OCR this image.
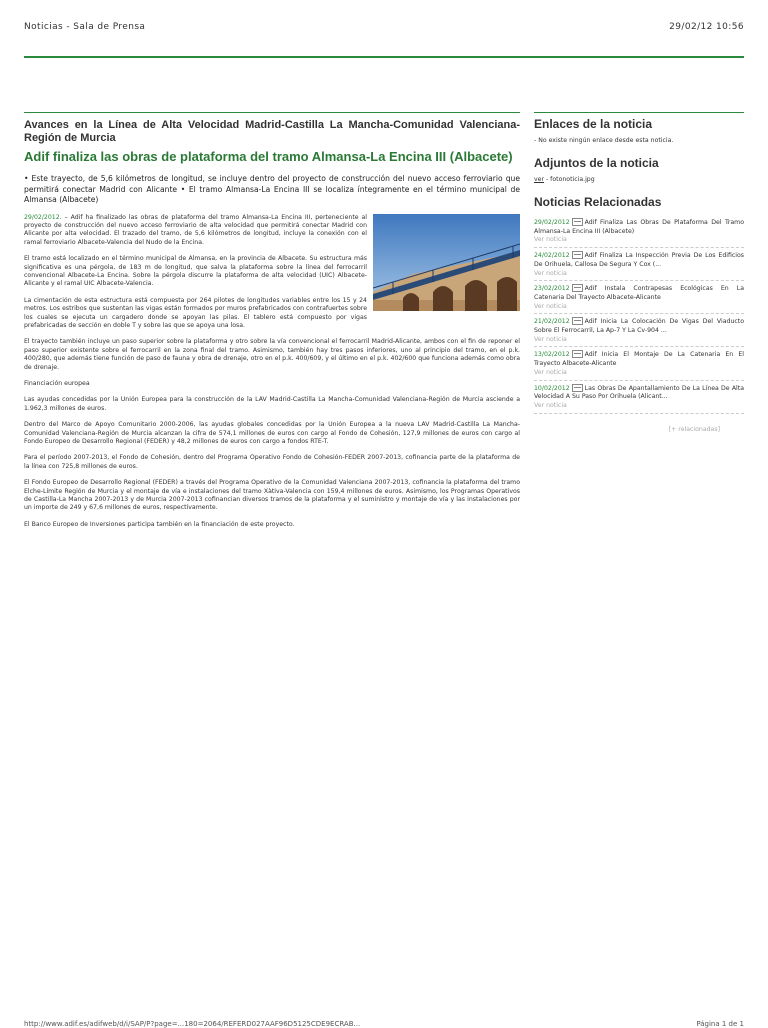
Noticias - Sala de Prensa	29/02/12 10:56
Avances en la Línea de Alta Velocidad Madrid-Castilla La Mancha-Comunidad Valenciana-Región de Murcia
Adif finaliza las obras de plataforma del tramo Almansa-La Encina III (Albacete)
• Este trayecto, de 5,6 kilómetros de longitud, se incluye dentro del proyecto de construcción del nuevo acceso ferroviario que permitirá conectar Madrid con Alicante • El tramo Almansa-La Encina III se localiza íntegramente en el término municipal de Almansa (Albacete)

29/02/2012. – Adif ha finalizado las obras de plataforma del tramo Almansa-La Encina III, perteneciente al proyecto de construcción del nuevo acceso ferroviario de alta velocidad que permitirá conectar Madrid con Alicante por alta velocidad. El trazado del tramo, de 5,6 kilómetros de longitud, incluye la conexión con el ramal ferroviario Albacete-Valencia del Nudo de la Encina.

El tramo está localizado en el término municipal de Almansa, en la provincia de Albacete. Su estructura más significativa es una pérgola, de 183 m de longitud, que salva la plataforma sobre la línea del ferrocarril convencional Albacete-La Encina. Sobre la pérgola discurre la plataforma de alta velocidad (UIC) Albacete-Alicante y el ramal UIC Albacete-Valencia.

La cimentación de esta estructura está compuesta por 264 pilotes de longitudes variables entre los 15 y 24 metros. Los estribos que sustentan las vigas están formados por muros prefabricados con contrafuertes sobre los cuales se ejecuta un cargadero donde se apoyan las pilas. El tablero está compuesto por vigas prefabricadas de sección en doble T y sobre las que se apoya una losa.

El trayecto también incluye un paso superior sobre la plataforma y otro sobre la vía convencional el ferrocarril Madrid-Alicante, ambos con el fin de reponer el paso superior existente sobre el ferrocarril en la zona final del tramo. Asimismo, también hay tres pasos inferiores, uno al principio del tramo, en el p.k. 400/280, que además tiene función de paso de fauna y obra de drenaje, otro en el p.k. 400/609, y el último en el p.k. 402/600 que funciona además como obra de drenaje.

Financiación europea

Las ayudas concedidas por la Unión Europea para la construcción de la LAV Madrid-Castilla La Mancha-Comunidad Valenciana-Región de Murcia asciende a 1.962,3 millones de euros.

Dentro del Marco de Apoyo Comunitario 2000-2006, las ayudas globales concedidas por la Unión Europea a la nueva LAV Madrid-Castilla La Mancha-Comunidad Valenciana-Región de Murcia alcanzan la cifra de 574,1 millones de euros con cargo al Fondo de Cohesión, 127,9 millones de euros con cargo al Fondo Europeo de Desarrollo Regional (FEDER) y 48,2 millones de euros con cargo a fondos RTE-T.

Para el período 2007-2013, el Fondo de Cohesión, dentro del Programa Operativo Fondo de Cohesión-FEDER 2007-2013, cofinancia parte de la plataforma de la línea con 725,8 millones de euros.

El Fondo Europeo de Desarrollo Regional (FEDER) a través del Programa Operativo de la Comunidad Valenciana 2007-2013, cofinancia la plataforma del tramo Elche-Límite Región de Murcia y el montaje de vía e instalaciones del tramo Xàtiva-Valencia con 159,4 millones de euros. Asimismo, los Programas Operativos de Castilla-La Mancha 2007-2013 y de Murcia 2007-2013 cofinancian diversos tramos de la plataforma y el suministro y montaje de vía y las instalaciones por un importe de 249 y 67,6 millones de euros, respectivamente.

El Banco Europeo de Inversiones participa también en la financiación de este proyecto.

Enlaces de la noticia
- No existe ningún enlace desde esta noticia.
Adjuntos de la noticia
ver - fotonoticia.jpg
Noticias Relacionadas
29/02/2012 Adif Finaliza Las Obras De Plataforma Del Tramo Almansa-La Encina III (Albacete)
Ver noticia
24/02/2012 Adif Finaliza La Inspección Previa De Los Edificios De Orihuela, Callosa De Segura Y Cox (...
Ver noticia
23/02/2012 Adif Instala Contrapesas Ecológicas En La Catenaria Del Trayecto Albacete-Alicante
Ver noticia
21/02/2012 Adif Inicia La Colocación De Vigas Del Viaducto Sobre El Ferrocarril, La Ap-7 Y La Cv-904 ...
Ver noticia
13/02/2012 Adif Inicia El Montaje De La Catenaria En El Trayecto Albacete-Alicante
Ver noticia
10/02/2012 Las Obras De Apantallamiento De La Línea De Alta Velocidad A Su Paso Por Orihuela (Alicant...
Ver noticia
[+ relacionadas]
http://www.adif.es/adifweb/d/i/SAP/P?page=...180=2064/REFERD027AAF96D5125CDE9ECRAB...	Página 1 de 1
